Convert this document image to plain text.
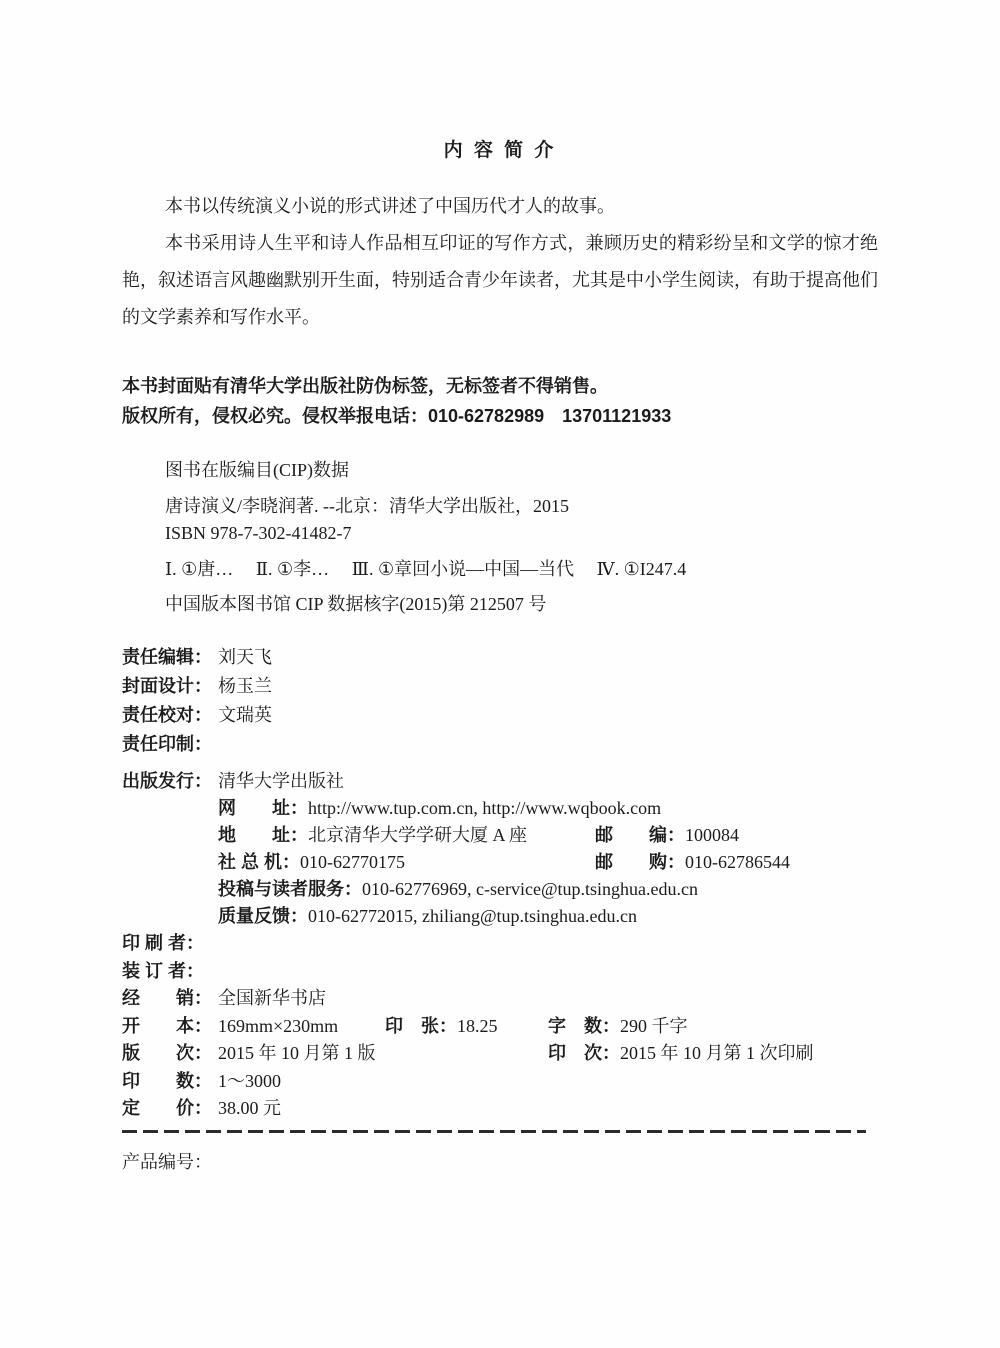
内 容 简 介

本书以传统演义小说的形式讲述了中国历代才人的故事。

本书采用诗人生平和诗人作品相互印证的写作方式，兼顾历史的精彩纷呈和文学的惊才绝艳，叙述语言风趣幽默别开生面，特别适合青少年读者，尤其是中小学生阅读，有助于提高他们的文学素养和写作水平。

本书封面贴有清华大学出版社防伪标签，无标签者不得销售。
版权所有，侵权必究。侵权举报电话：010-62782989　13701121933
图书在版编目(CIP)数据
唐诗演义/李晓润著. --北京：清华大学出版社，2015
ISBN 978-7-302-41482-7
Ⅰ. ①唐…　 Ⅱ. ①李…　 Ⅲ. ①章回小说—中国—当代　 Ⅳ. ①I247.4
中国版本图书馆 CIP 数据核字(2015)第 212507 号
责任编辑： 刘天飞
封面设计： 杨玉兰
责任校对： 文瑞英
责任印制：
出版发行： 清华大学出版社
网　　址：http://www.tup.com.cn, http://www.wqbook.com
地　　址：北京清华大学学研大厦 A 座	邮　　编：100084
社 总 机：010-62770175	邮　　购：010-62786544
投稿与读者服务：010-62776969, c-service@tup.tsinghua.edu.cn
质量反馈：010-62772015, zhiliang@tup.tsinghua.edu.cn
印 刷 者：
装 订 者：
经　　销： 全国新华书店
开　　本： 169mm×230mm	印　张：18.25	字　数：290 千字
版　　次： 2015 年 10 月第 1 版	印　次：2015 年 10 月第 1 次印刷
印　　数： 1～3000
定　　价： 38.00 元
产品编号：
